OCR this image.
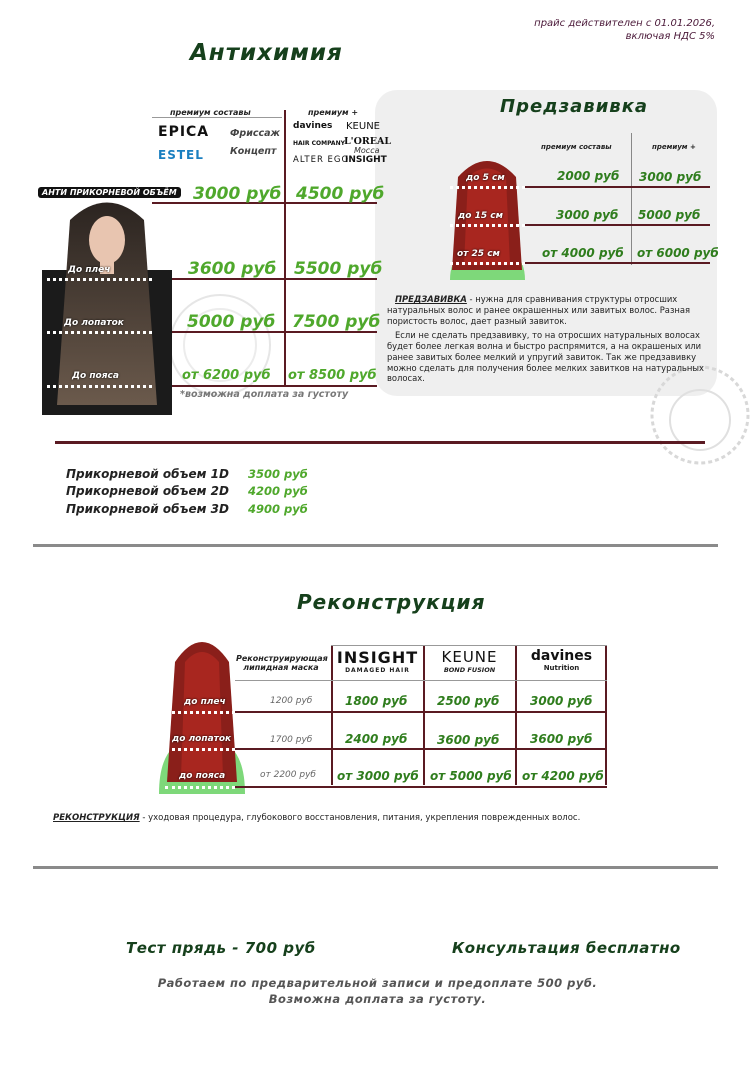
прайс действителен с 01.01.2026,
включая НДС 5%
Антихимия
премиум составы	премиум +
EPICA
ESTEL
Фриссаж
Концепт
davines KEUNE
HAIR COMPANY L'OREAL
Мосса
ALTER EGO
INSIGHT
АНТИ ПРИКОРНЕВОЙ ОБЪЁМ
До плеч
До лопаток
До пояса
3000 руб 4500 руб
3600 руб 5500 руб
5000 руб 7500 руб
от 6200 руб от 8500 руб
*возможна доплата за густоту
Предзавивка
премиум составы	премиум +
до 5 см
до 15 см
от 25 см
2000 руб 3000 руб
3000 руб 5000 руб
от 4000 руб от 6000 руб

ПРЕДЗАВИВКА - нужна для сравнивания структуры отросших натуральных волос и ранее окрашенных или завитых волос. Разная пористость волос, дает разный завиток.

Если не сделать предзавивку, то на отросших натуральных волосах будет более легкая волна и быстро распрямится, а на окрашеных или ранее завитых более мелкий и упругий завиток. Так же предзавивку можно сделать для получения более мелких завитков на натуральных волосах.

Прикорневой объем 1D	3500 руб
Прикорневой объем 2D	4200 руб
Прикорневой объем 3D	4900 руб
Реконструкция
до плеч
до лопаток
до пояса
Реконструирующая липидная маска
INSIGHT
DAMAGED HAIR
KEUNE
BOND FUSION
davines
Nutrition
1200 руб	1800 руб 2500 руб	3000 руб
1700 руб	2400 руб 3600 руб	3600 руб
от 2200 руб от 3000 руб от 5000 руб от 4200 руб
РЕКОНСТРУКЦИЯ - уходовая процедура, глубокового восстановления, питания, укрепления поврежденных волос.
Тест прядь - 700 руб	Консультация бесплатно
Работаем по предварительной записи и предоплате 500 руб.
Возможна доплата за густоту.
